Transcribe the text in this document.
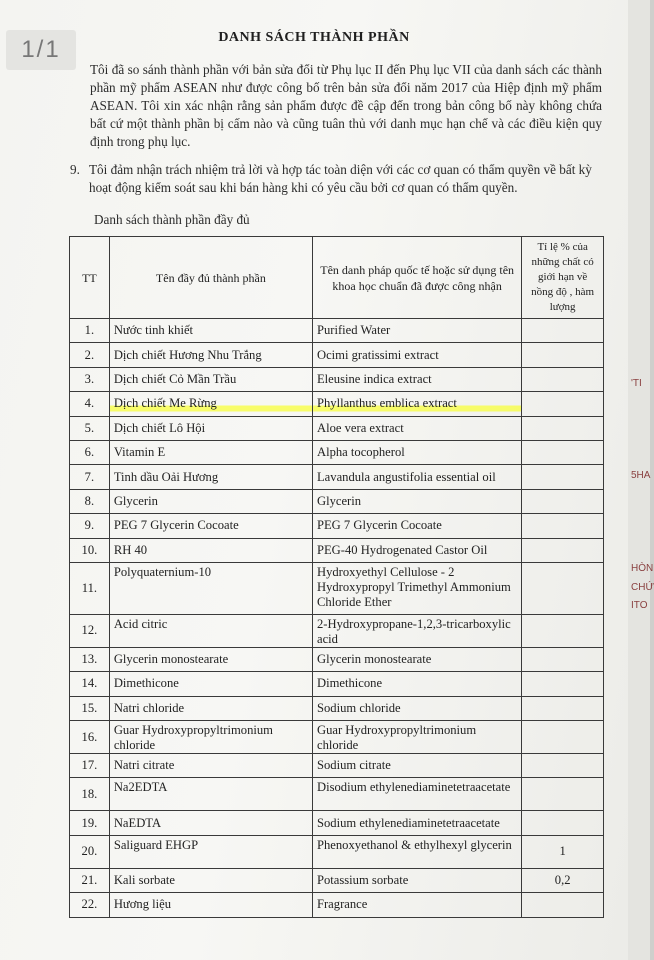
DANH SÁCH THÀNH PHẦN
Tôi đã so sánh thành phần với bản sửa đổi từ Phụ lục II đến Phụ lục VII của danh sách các thành phần mỹ phẩm ASEAN như được công bố trên bản sửa đổi năm 2017 của Hiệp định mỹ phẩm ASEAN. Tôi xin xác nhận rằng sản phẩm được đề cập đến trong bản công bố này không chứa bất cứ một thành phần bị cấm nào và cũng tuân thủ với danh mục hạn chế và các điều kiện quy định trong phụ lục.
9. Tôi đảm nhận trách nhiệm trả lời và hợp tác toàn diện với các cơ quan có thẩm quyền về bất kỳ hoạt động kiểm soát sau khi bán hàng khi có yêu cầu bởi cơ quan có thẩm quyền.
Danh sách thành phần đầy đủ
TT	Tên đầy đủ thành phần	Tên danh pháp quốc tế hoặc sử dụng tên khoa học chuẩn đã được công nhận	Tỉ lệ % của những chất có giới hạn về nồng độ , hàm lượng
1.	Nước tinh khiết	Purified Water	
2.	Dịch chiết Hương Nhu Trắng	Ocimi gratissimi extract	
3.	Dịch chiết Cỏ Mần Trầu	Eleusine indica extract	
4.	Dịch chiết Me Rừng	Phyllanthus emblica extract	
5.	Dịch chiết Lô Hội	Aloe vera extract	
6.	Vitamin E	Alpha tocopherol	
7.	Tinh dầu Oải Hương	Lavandula angustifolia essential oil	
8.	Glycerin	Glycerin	
9.	PEG 7 Glycerin Cocoate	PEG 7 Glycerin Cocoate	
10.	RH 40	PEG-40 Hydrogenated Castor Oil	
11.	Polyquaternium-10	Hydroxyethyl Cellulose - 2 Hydroxypropyl Trimethyl Ammonium Chloride Ether	
12.	Acid citric	2-Hydroxypropane-1,2,3-tricarboxylic acid	
13.	Glycerin monostearate	Glycerin monostearate	
14.	Dimethicone	Dimethicone	
15.	Natri chloride	Sodium chloride	
16.	Guar Hydroxypropyltrimonium chloride	Guar Hydroxypropyltrimonium chloride	
17.	Natri citrate	Sodium citrate	
18.	Na2EDTA	Disodium ethylenediaminetetraacetate	
19.	NaEDTA	Sodium ethylenediaminetetraacetate	
20.	Saliguard EHGP	Phenoxyethanol & ethylhexyl glycerin	1
21.	Kali sorbate	Potassium sorbate	0,2
22.	Hương liệu	Fragrance	
'TI
5HA
HÒN
CHỨ
ITO
1/1
